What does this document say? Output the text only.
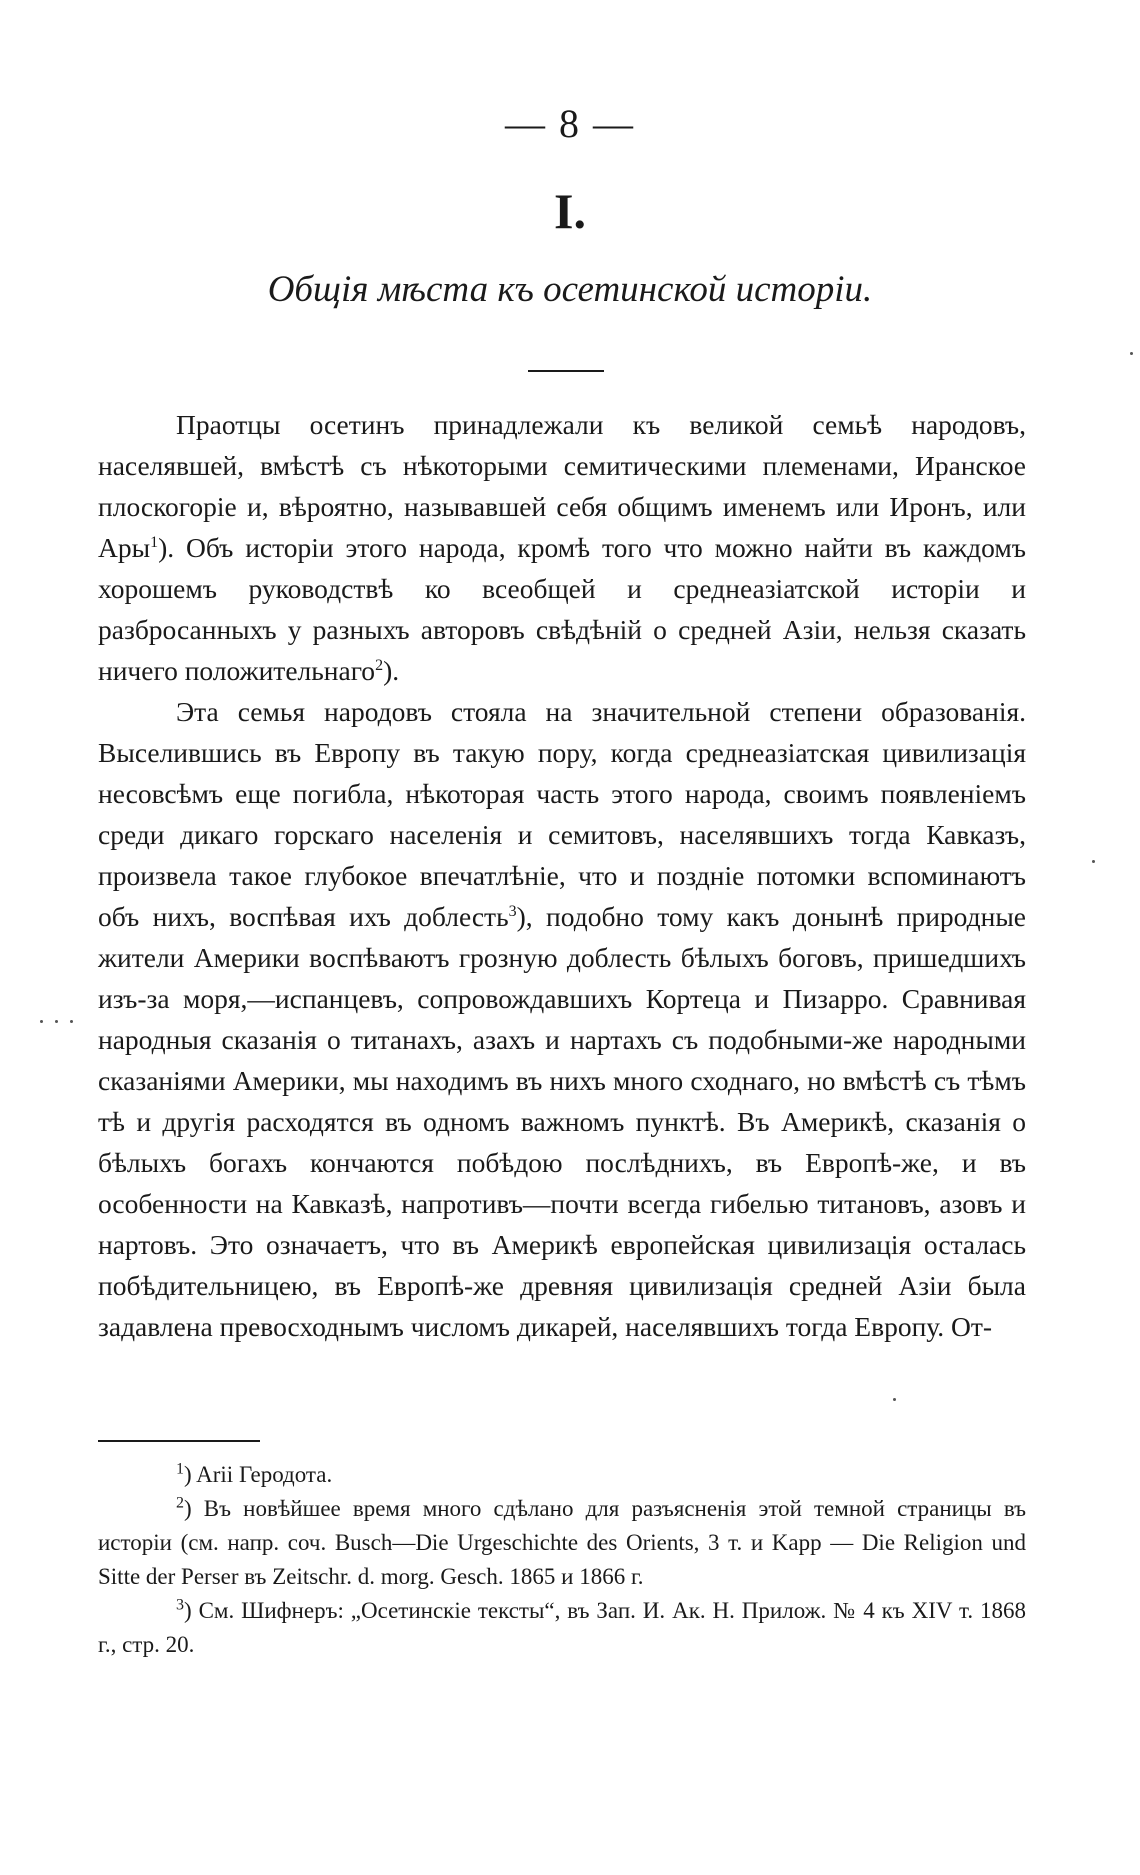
— 8 —
I.
Общія мѣста къ осетинской исторіи.

Праотцы осетинъ принадлежали къ великой семьѣ народовъ, населявшей, вмѣстѣ съ нѣкоторыми семитическими племенами, Иранское плоскогоріе и, вѣроятно, называвшей себя общимъ именемъ или Иронъ, или Ары$^1$). Объ исторіи этого народа, кромѣ того что можно найти въ каждомъ хорошемъ руководствѣ ко всеобщей и среднеазіатской исторіи и разбросанныхъ у разныхъ авторовъ свѣдѣній о средней Азіи, нельзя сказать ничего положительнаго$^2$).

Эта семья народовъ стояла на значительной степени образованія. Выселившись въ Европу въ такую пору, когда среднеазіатская цивилизація несовсѣмъ еще погибла, нѣкоторая часть этого народа, своимъ появленіемъ среди дикаго горскаго населенія и семитовъ, населявшихъ тогда Кавказъ, произвела такое глубокое впечатлѣніе, что и поздніе потомки вспоминаютъ объ нихъ, воспѣвая ихъ доблесть$^3$), подобно тому какъ донынѣ природные жители Америки воспѣваютъ грозную доблесть бѣлыхъ боговъ, пришедшихъ изъ-за моря,—испанцевъ, сопровождавшихъ Кортеца и Пизарро. Сравнивая народныя сказанія о титанахъ, азахъ и нартахъ съ подобными-же народными сказаніями Америки, мы находимъ въ нихъ много сходнаго, но вмѣстѣ съ тѣмъ тѣ и другія расходятся въ одномъ важномъ пунктѣ. Въ Америкѣ, сказанія о бѣлыхъ богахъ кончаются побѣдою послѣднихъ, въ Европѣ-же, и въ особенности на Кавказѣ, напротивъ—почти всегда гибелью титановъ, азовъ и нартовъ. Это означаетъ, что въ Америкѣ европейская цивилизація осталась побѣдительницею, въ Европѣ-же древняя цивилизація средней Азіи была задавлена превосходнымъ числомъ дикарей, населявшихъ тогда Европу. От-

$^1$) Arii Геродота.

$^2$) Въ новѣйшее время много сдѣлано для разъясненія этой темной страницы въ исторіи (см. напр. соч. Busch—Die Urgeschichte des Orients, 3 т. и Kapp — Die Religion und Sitte der Perser въ Zeitschr. d. morg. Gesch. 1865 и 1866 г.

$^3$) См. Шифнеръ: „Осетинскіе тексты“, въ Зап. И. Ак. Н. Прилож. № 4 къ XIV т. 1868 г., стр. 20.
